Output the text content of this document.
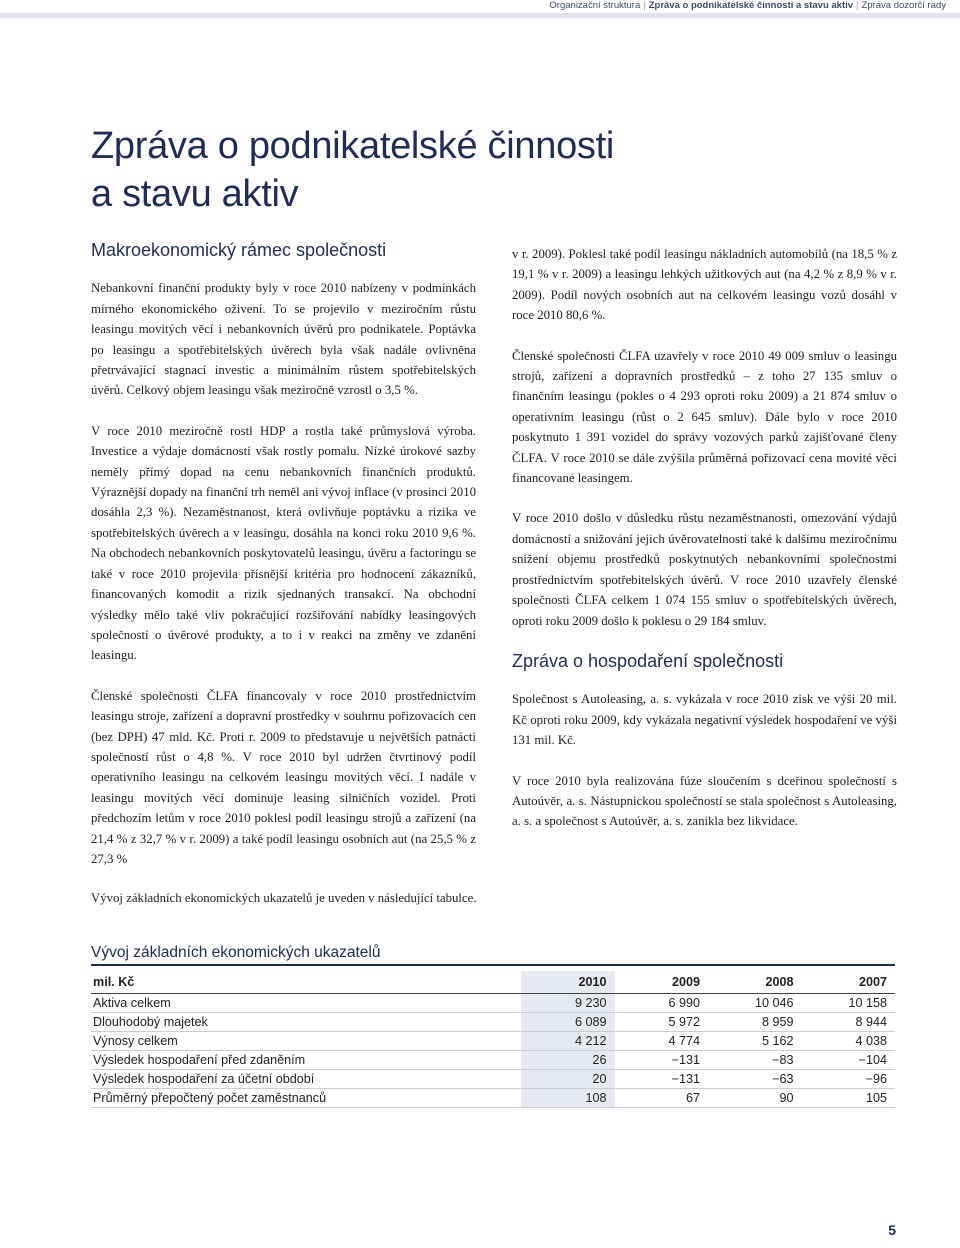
Organizační struktura | Zpráva o podnikatelské činnosti a stavu aktiv | Zpráva dozorčí rady
Zpráva o podnikatelské činnosti
a stavu aktiv
Makroekonomický rámec společnosti

Nebankovní finanční produkty byly v roce 2010 nabízeny v podmínkách mírného ekonomického oživení. To se projevilo v meziročním růstu leasingu movitých věcí i nebankovních úvěrů pro podnikatele. Poptávka po leasingu a spotřebitelských úvěrech byla však nadále ovlivněna přetrvávající stagnací investic a minimálním růstem spotřebitelských úvěrů. Celkový objem leasingu však meziročně vzrostl o 3,5 %.

V roce 2010 meziročně rostl HDP a rostla také průmyslová výroba. Investice a výdaje domácností však rostly pomalu. Nízké úrokové sazby neměly přímý dopad na cenu nebankovních finančních produktů. Výraznější dopady na finanční trh neměl ani vývoj inflace (v prosinci 2010 dosáhla 2,3 %). Nezaměstnanost, která ovlivňuje poptávku a rizika ve spotřebitelských úvěrech a v leasingu, dosáhla na konci roku 2010 9,6 %. Na obchodech nebankovních poskytovatelů leasingu, úvěru a factoringu se také v roce 2010 projevila přísnější kritéria pro hodnocení zákazníků, financovaných komodit a rizik sjednaných transakcí. Na obchodní výsledky mělo také vliv pokračující rozšiřování nabídky leasingových společností o úvěrové produkty, a to i v reakci na změny ve zdanění leasingu.

Členské společnosti ČLFA financovaly v roce 2010 prostřednictvím leasingu stroje, zařízení a dopravní prostředky v souhrnu pořizovacích cen (bez DPH) 47 mld. Kč. Proti r. 2009 to představuje u největších patnácti společností růst o 4,8 %. V roce 2010 byl udržen čtvrtinový podíl operativního leasingu na celkovém leasingu movitých věcí. I nadále v leasingu movitých věcí dominuje leasing silničních vozidel. Proti předchozím letům v roce 2010 poklesl podíl leasingu strojů a zařízení (na 21,4 % z 32,7 % v r. 2009) a také podíl leasingu osobních aut (na 25,5 % z 27,3 %

v r. 2009). Poklesl také podíl leasingu nákladních automobilů (na 18,5 % z 19,1 % v r. 2009) a leasingu lehkých užitkových aut (na 4,2 % z 8,9 % v r. 2009). Podíl nových osobních aut na celkovém leasingu vozů dosáhl v roce 2010 80,6 %.

Členské společnosti ČLFA uzavřely v roce 2010 49 009 smluv o leasingu strojů, zařízení a dopravních prostředků – z toho 27 135 smluv o finančním leasingu (pokles o 4 293 oproti roku 2009) a 21 874 smluv o operativním leasingu (růst o 2 645 smluv). Dále bylo v roce 2010 poskytnuto 1 391 vozidel do správy vozových parků zajišťované členy ČLFA. V roce 2010 se dále zvýšila průměrná pořizovací cena movité věci financované leasingem.

V roce 2010 došlo v důsledku růstu nezaměstnanosti, omezování výdajů domácností a snižování jejich úvěrovatelnosti také k dalšímu meziročnímu snížení objemu prostředků poskytnutých nebankovními společnostmi prostřednictvím spotřebitelských úvěrů. V roce 2010 uzavřely členské společnosti ČLFA celkem 1 074 155 smluv o spotřebitelských úvěrech, oproti roku 2009 došlo k poklesu o 29 184 smluv.

Zpráva o hospodaření společnosti

Společnost s Autoleasing, a. s. vykázala v roce 2010 zisk ve výši 20 mil. Kč oproti roku 2009, kdy vykázala negativní výsledek hospodaření ve výši 131 mil. Kč.

V roce 2010 byla realizována fúze sloučením s dceřinou společností s Autoúvěr, a. s. Nástupnickou společností se stala společnost s Autoleasing, a. s. a společnost s Autoúvěr, a. s. zanikla bez likvidace.

Vývoj základních ekonomických ukazatelů je uveden v následující tabulce.
Vývoj základních ekonomických ukazatelů
mil. Kč	2010	2009	2008	2007
Aktiva celkem	9 230	6 990	10 046	10 158
Dlouhodobý majetek	6 089	5 972	8 959	8 944
Výnosy celkem	4 212	4 774	5 162	4 038
Výsledek hospodaření před zdaněním	26	−131	−83	−104
Výsledek hospodaření za účetní období	20	−131	−63	−96
Průměrný přepočtený počet zaměstnanců	108	67	90	105
5
